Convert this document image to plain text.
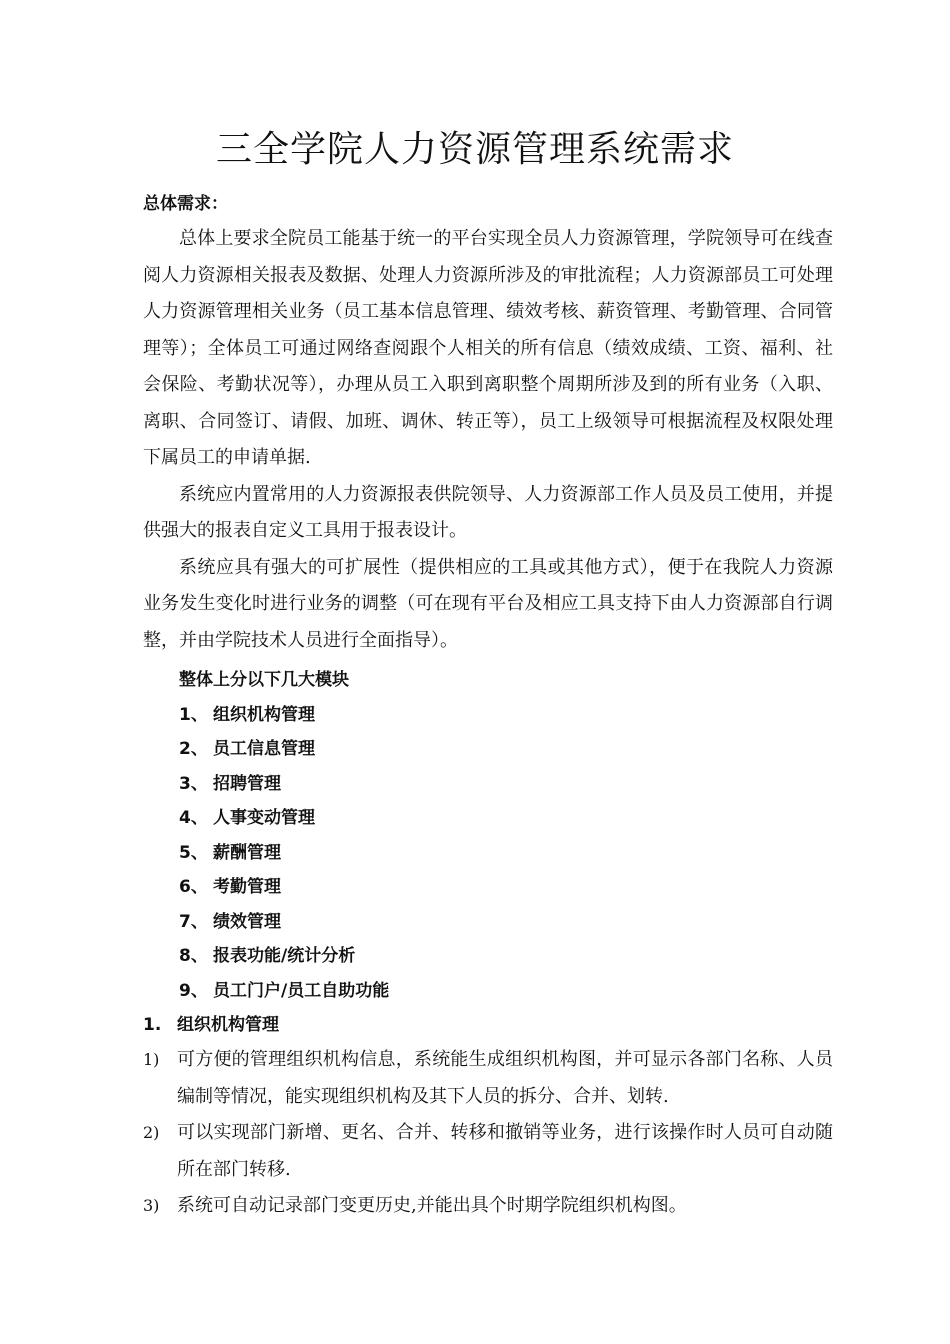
三全学院人力资源管理系统需求
总体需求：

总体上要求全院员工能基于统一的平台实现全员人力资源管理，学院领导可在线查阅人力资源相关报表及数据、处理人力资源所涉及的审批流程；人力资源部员工可处理人力资源管理相关业务（员工基本信息管理、绩效考核、薪资管理、考勤管理、合同管理等）；全体员工可通过网络查阅跟个人相关的所有信息（绩效成绩、工资、福利、社会保险、考勤状况等），办理从员工入职到离职整个周期所涉及到的所有业务（入职、离职、合同签订、请假、加班、调休、转正等），员工上级领导可根据流程及权限处理下属员工的申请单据.

系统应内置常用的人力资源报表供院领导、人力资源部工作人员及员工使用，并提供强大的报表自定义工具用于报表设计。

系统应具有强大的可扩展性（提供相应的工具或其他方式），便于在我院人力资源业务发生变化时进行业务的调整（可在现有平台及相应工具支持下由人力资源部自行调整，并由学院技术人员进行全面指导）。

整体上分以下几大模块
1、 组织机构管理
2、 员工信息管理
3、 招聘管理
4、 人事变动管理
5、 薪酬管理
6、 考勤管理
7、 绩效管理
8、 报表功能/统计分析
9、 员工门户/员工自助功能
1. 组织机构管理
1) 可方便的管理组织机构信息，系统能生成组织机构图，并可显示各部门名称、人员编制等情况，能实现组织机构及其下人员的拆分、合并、划转.
2) 可以实现部门新增、更名、合并、转移和撤销等业务，进行该操作时人员可自动随所在部门转移.
3) 系统可自动记录部门变更历史,并能出具个时期学院组织机构图。
